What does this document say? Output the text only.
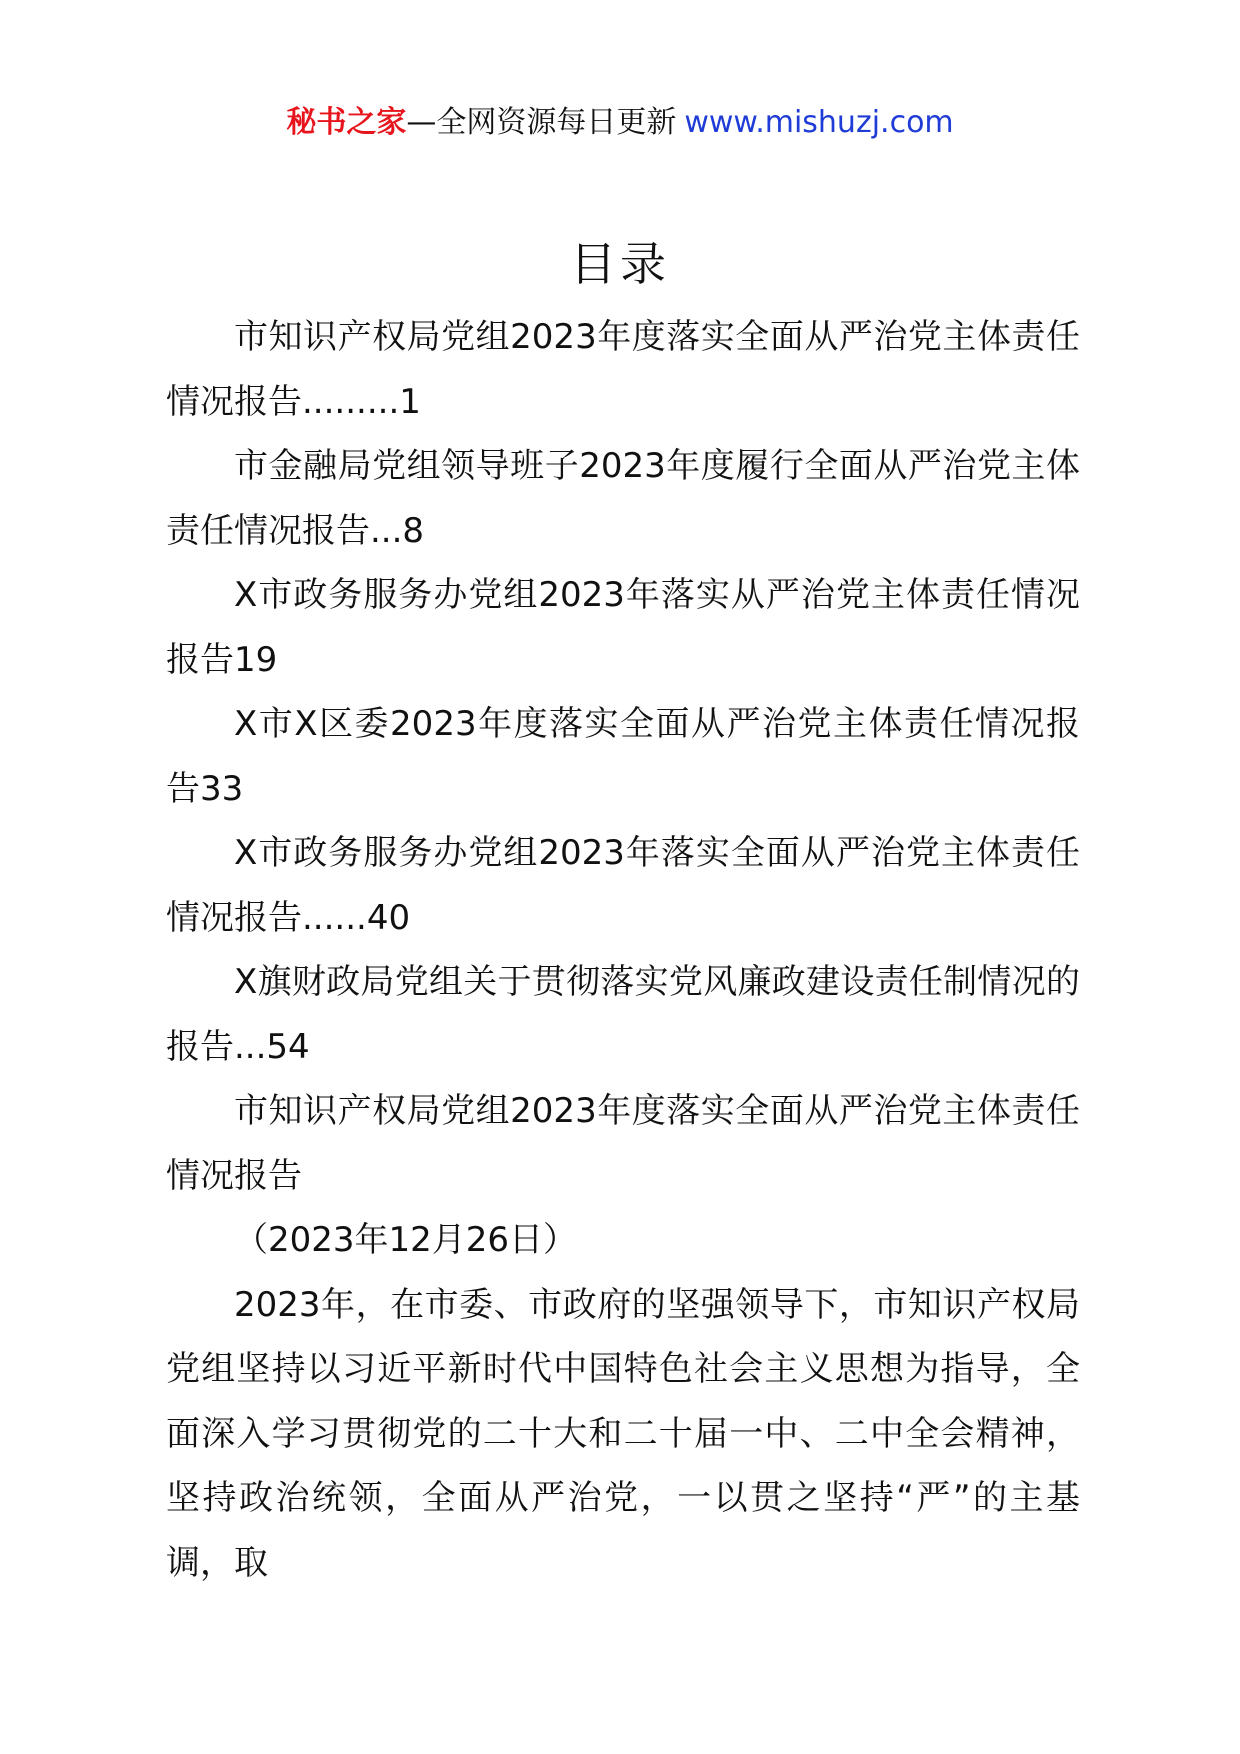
秘书之家—全网资源每日更新 www.mishuzj.com
目录

市知识产权局党组2023年度落实全面从严治党主体责任情况报告.........1

市金融局党组领导班子2023年度履行全面从严治党主体责任情况报告...8

X市政务服务办党组2023年落实从严治党主体责任情况报告19

X市X区委2023年度落实全面从严治党主体责任情况报告33

X市政务服务办党组2023年落实全面从严治党主体责任情况报告......40

X旗财政局党组关于贯彻落实党风廉政建设责任制情况的报告...54

市知识产权局党组2023年度落实全面从严治党主体责任情况报告

（2023年12月26日）

2023年，在市委、市政府的坚强领导下，市知识产权局党组坚持以习近平新时代中国特色社会主义思想为指导，全面深入学习贯彻党的二十大和二十届一中、二中全会精神，坚持政治统领，全面从严治党，一以贯之坚持“严”的主基调，取
